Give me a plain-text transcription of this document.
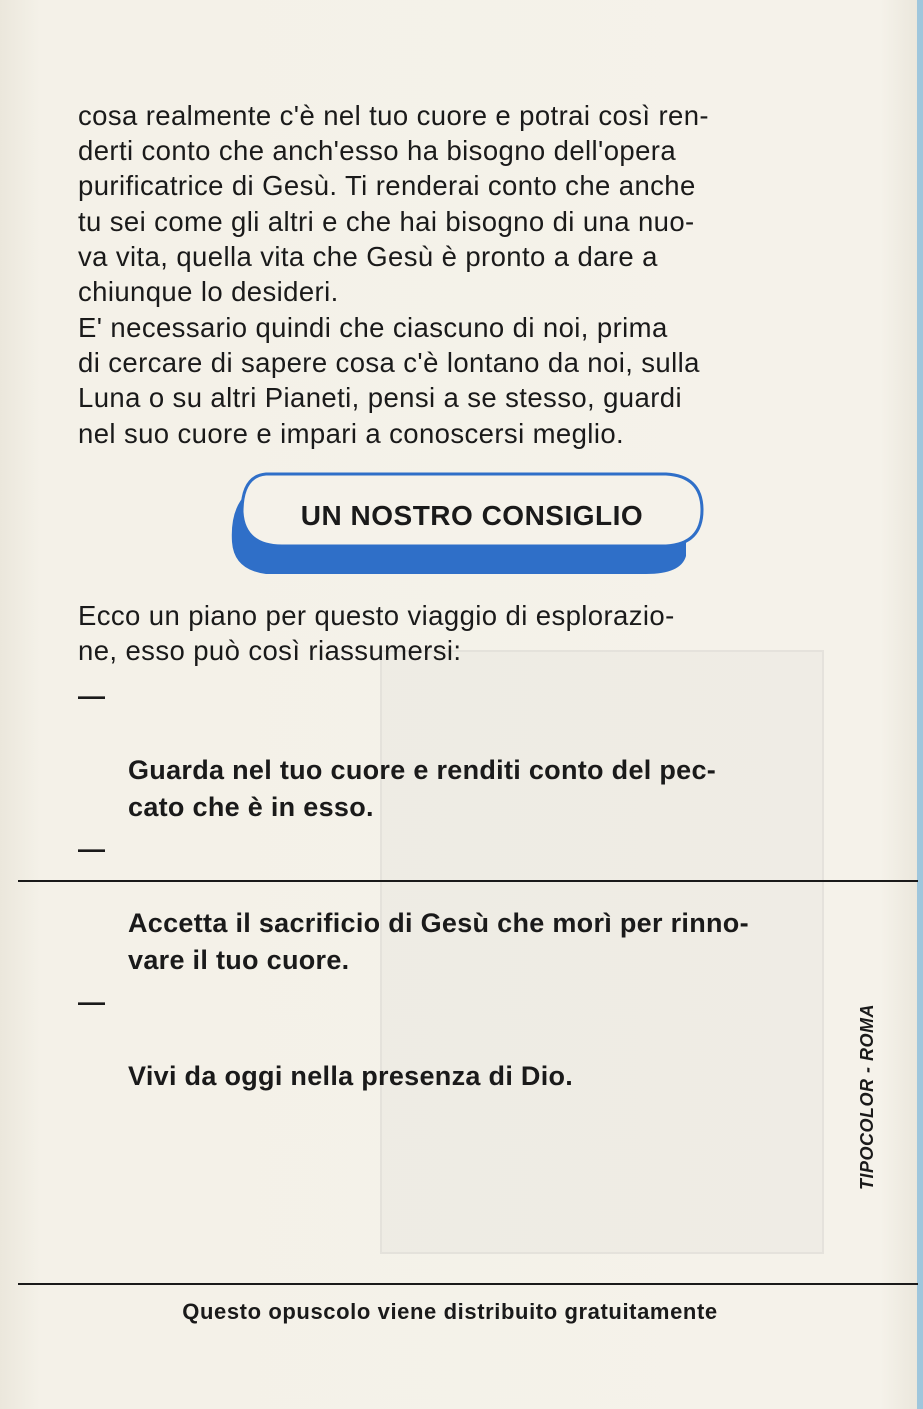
cosa realmente c'è nel tuo cuore e potrai così ren-
derti conto che anch'esso ha bisogno dell'opera
purificatrice di Gesù. Ti renderai conto che anche
tu sei come gli altri e che hai bisogno di una nuo-
va vita, quella vita che Gesù è pronto a dare a
chiunque lo desideri.

E' necessario quindi che ciascuno di noi, prima
di cercare di sapere cosa c'è lontano da noi, sulla
Luna o su altri Pianeti, pensi a se stesso, guardi
nel suo cuore e impari a conoscersi meglio.

UN NOSTRO CONSIGLIO

Ecco un piano per questo viaggio di esplorazio-
ne, esso può così riassumersi:

—

Guarda nel tuo cuore e renditi conto del pec-
cato che è in esso.

—

Accetta il sacrificio di Gesù che morì per rinno-
vare il tuo cuore.

—

Vivi da oggi nella presenza di Dio.	TIPOCOLOR - ROMA
Questo opuscolo viene distribuito gratuitamente
